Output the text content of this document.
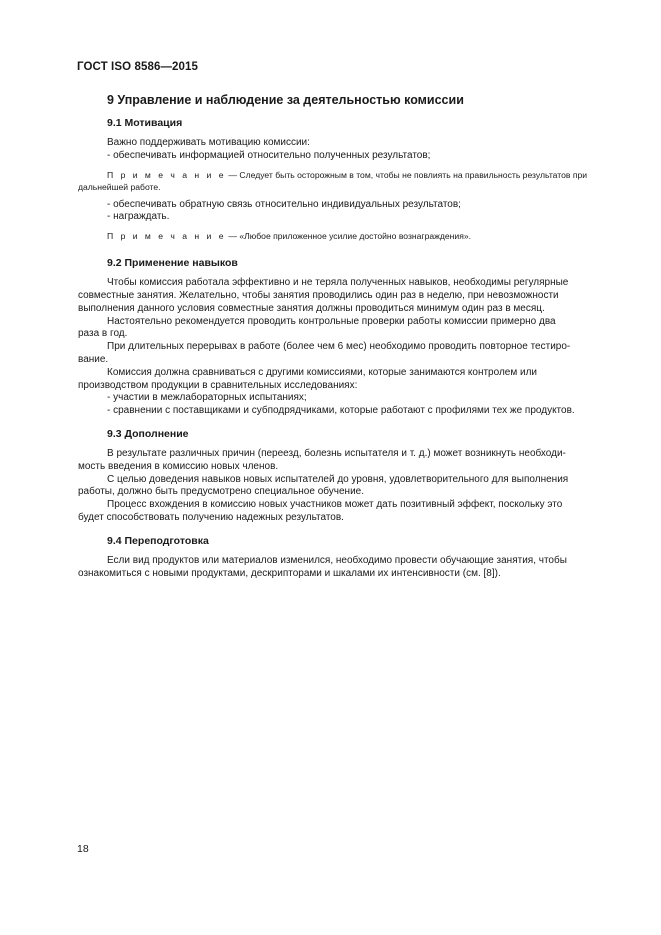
ГОСТ ISO 8586—2015
9 Управление и наблюдение за деятельностью комиссии
9.1 Мотивация

Важно поддерживать мотивацию комиссии:

- обеспечивать информацией относительно полученных результатов;

П р и м е ч а н и е — Следует быть осторожным в том, чтобы не повлиять на правильность результатов при

дальнейшей работе.

- обеспечивать обратную связь относительно индивидуальных результатов;

- награждать.

П р и м е ч а н и е — «Любое приложенное усилие достойно вознаграждения».

9.2 Применение навыков

Чтобы комиссия работала эффективно и не теряла полученных навыков, необходимы регулярные

совместные занятия. Желательно, чтобы занятия проводились один раз в неделю, при невозможности

выполнения данного условия совместные занятия должны проводиться минимум один раз в месяц.

Настоятельно рекомендуется проводить контрольные проверки работы комиссии примерно два

раза в год.

При длительных перерывах в работе (более чем 6 мес) необходимо проводить повторное тестиро-

вание.

Комиссия должна сравниваться с другими комиссиями, которые занимаются контролем или

производством продукции в сравнительных исследованиях:

- участии в межлабораторных испытаниях;

- сравнении с поставщиками и субподрядчиками, которые работают с профилями тех же продуктов.

9.3 Дополнение

В результате различных причин (переезд, болезнь испытателя и т. д.) может возникнуть необходи-

мость введения в комиссию новых членов.

С целью доведения навыков новых испытателей до уровня, удовлетворительного для выполнения

работы, должно быть предусмотрено специальное обучение.

Процесс вхождения в комиссию новых участников может дать позитивный эффект, поскольку это

будет способствовать получению надежных результатов.

9.4 Переподготовка

Если вид продуктов или материалов изменился, необходимо провести обучающие занятия, чтобы

ознакомиться с новыми продуктами, дескрипторами и шкалами их интенсивности (см. [8]).

18
